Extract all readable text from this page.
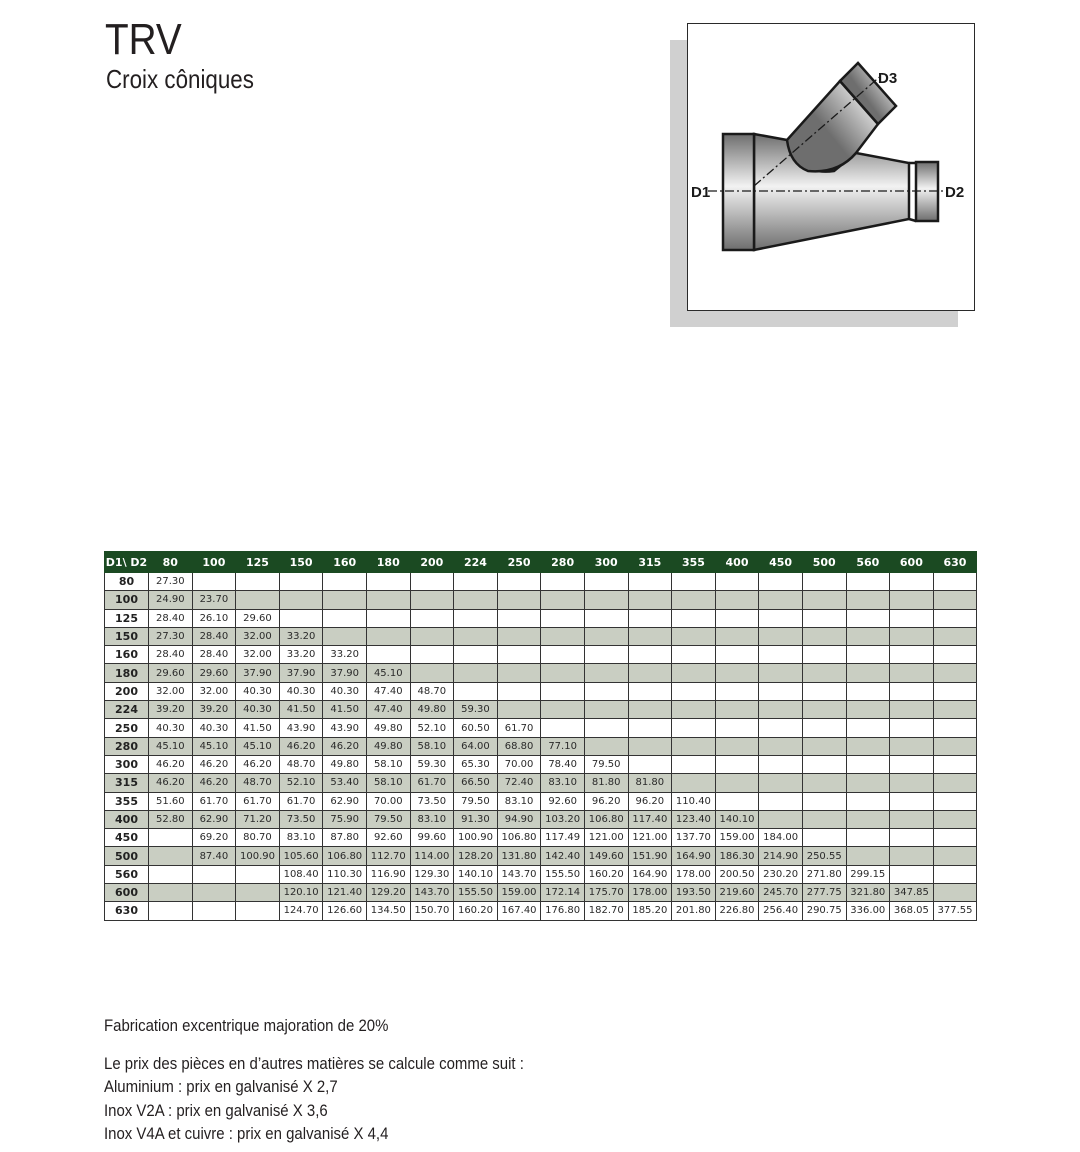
TRV
Croix côniques
D1	D2
D3
D1\ D2	80	100	125	150	160	180	200	224	250	280	300	315	355	400	450	500	560	600	630
80	27.30																		
100	24.90	23.70																	
125	28.40	26.10	29.60																
150	27.30	28.40	32.00	33.20															
160	28.40	28.40	32.00	33.20	33.20														
180	29.60	29.60	37.90	37.90	37.90	45.10													
200	32.00	32.00	40.30	40.30	40.30	47.40	48.70												
224	39.20	39.20	40.30	41.50	41.50	47.40	49.80	59.30											
250	40.30	40.30	41.50	43.90	43.90	49.80	52.10	60.50	61.70										
280	45.10	45.10	45.10	46.20	46.20	49.80	58.10	64.00	68.80	77.10									
300	46.20	46.20	46.20	48.70	49.80	58.10	59.30	65.30	70.00	78.40	79.50								
315	46.20	46.20	48.70	52.10	53.40	58.10	61.70	66.50	72.40	83.10	81.80	81.80							
355	51.60	61.70	61.70	61.70	62.90	70.00	73.50	79.50	83.10	92.60	96.20	96.20	110.40						
400	52.80	62.90	71.20	73.50	75.90	79.50	83.10	91.30	94.90	103.20	106.80	117.40	123.40	140.10					
450		69.20	80.70	83.10	87.80	92.60	99.60	100.90	106.80	117.49	121.00	121.00	137.70	159.00	184.00				
500		87.40	100.90	105.60	106.80	112.70	114.00	128.20	131.80	142.40	149.60	151.90	164.90	186.30	214.90	250.55			
560				108.40	110.30	116.90	129.30	140.10	143.70	155.50	160.20	164.90	178.00	200.50	230.20	271.80	299.15		
600				120.10	121.40	129.20	143.70	155.50	159.00	172.14	175.70	178.00	193.50	219.60	245.70	277.75	321.80	347.85	
630				124.70	126.60	134.50	150.70	160.20	167.40	176.80	182.70	185.20	201.80	226.80	256.40	290.75	336.00	368.05	377.55
Fabrication excentrique majoration de 20%
Le prix des pièces en d’autres matières se calcule comme suit :
Aluminium : prix en galvanisé X 2,7
Inox V2A : prix en galvanisé X 3,6
Inox V4A et cuivre : prix en galvanisé X 4,4
